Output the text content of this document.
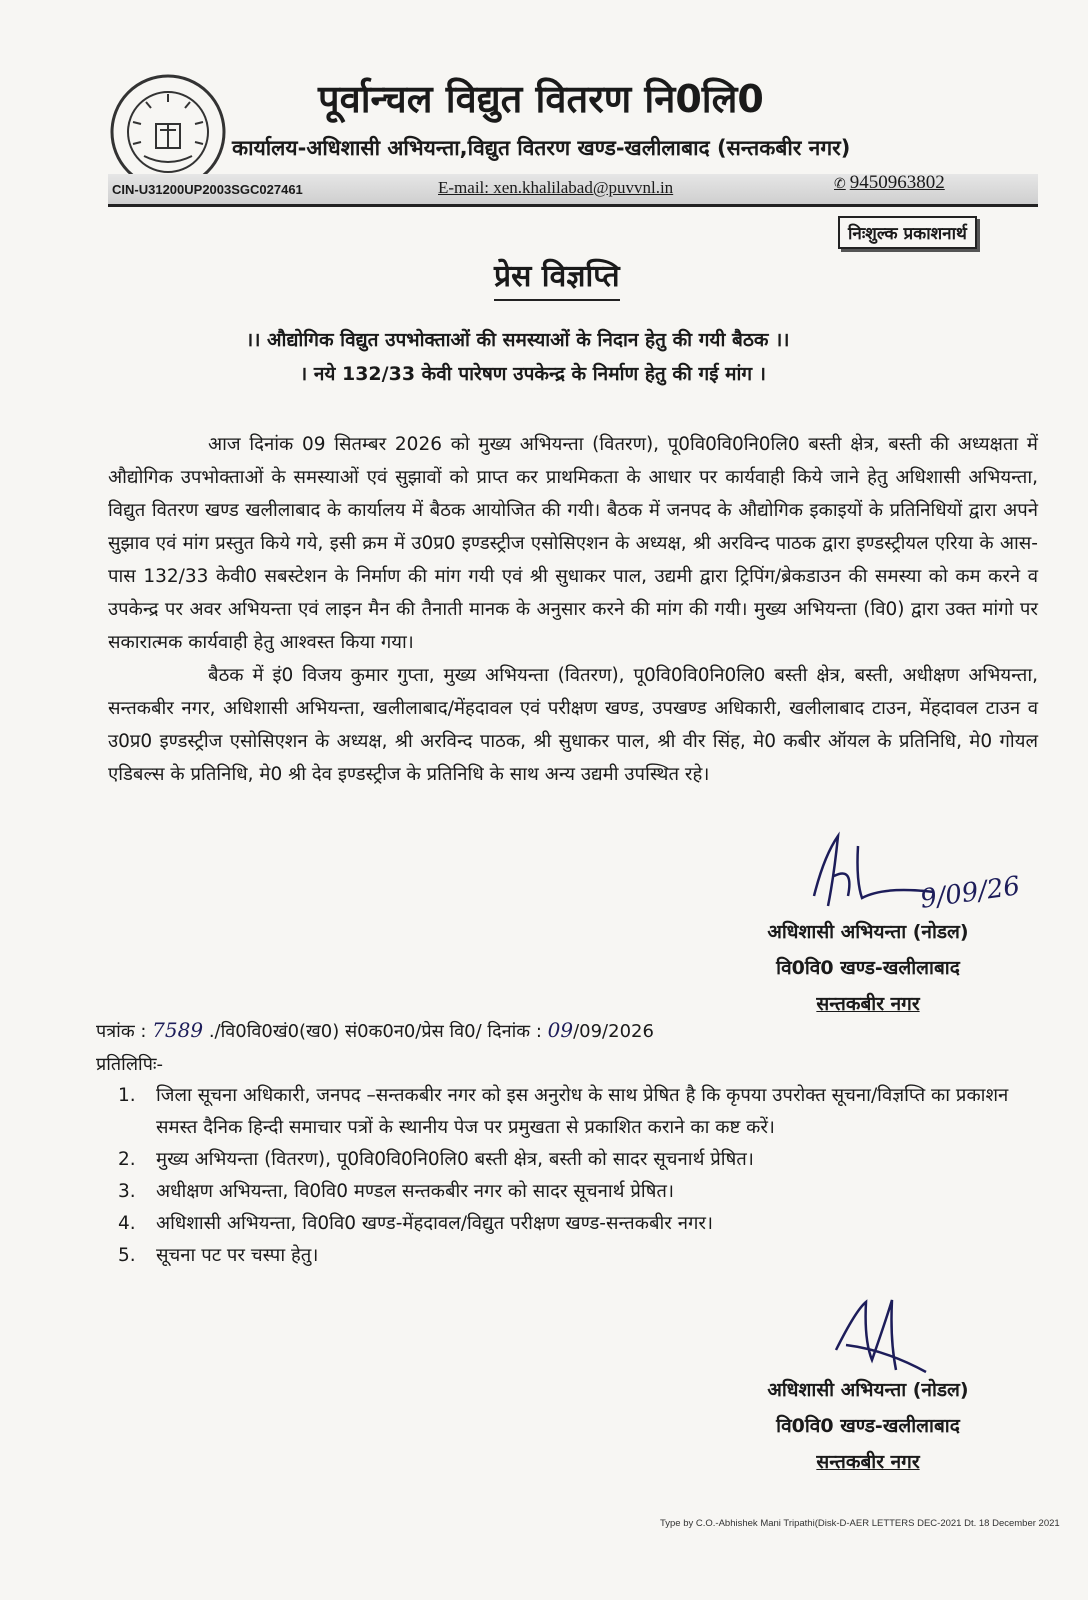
पूर्वान्चल विद्युत वितरण नि0लि0
कार्यालय-अधिशासी अभियन्ता,विद्युत वितरण खण्ड-खलीलाबाद (सन्तकबीर नगर)
CIN-U31200UP2003SGC027461	E-mail: xen.khalilabad@puvvnl.in	✆ 9450963802
निःशुल्क प्रकाशनार्थ
प्रेस विज्ञप्ति
।। औद्योगिक विद्युत उपभोक्ताओं की समस्याओं के निदान हेतु की गयी बैठक ।।
। नये 132/33 केवी पारेषण उपकेन्द्र के निर्माण हेतु की गई मांग ।

आज दिनांक 09 सितम्बर 2026 को मुख्य अभियन्ता (वितरण), पू0वि0वि0नि0लि0 बस्ती क्षेत्र, बस्ती की अध्यक्षता में औद्योगिक उपभोक्ताओं के समस्याओं एवं सुझावों को प्राप्त कर प्राथमिकता के आधार पर कार्यवाही किये जाने हेतु अधिशासी अभियन्ता, विद्युत वितरण खण्ड खलीलाबाद के कार्यालय में बैठक आयोजित की गयी। बैठक में जनपद के औद्योगिक इकाइयों के प्रतिनिधियों द्वारा अपने सुझाव एवं मांग प्रस्तुत किये गये, इसी क्रम में उ0प्र0 इण्डस्ट्रीज एसोसिएशन के अध्यक्ष, श्री अरविन्द पाठक द्वारा इण्डस्ट्रीयल एरिया के आस-पास 132/33 केवी0 सबस्टेशन के निर्माण की मांग गयी एवं श्री सुधाकर पाल, उद्यमी द्वारा ट्रिपिंग/ब्रेकडाउन की समस्या को कम करने व उपकेन्द्र पर अवर अभियन्ता एवं लाइन मैन की तैनाती मानक के अनुसार करने की मांग की गयी। मुख्य अभियन्ता (वि0) द्वारा उक्त मांगो पर सकारात्मक कार्यवाही हेतु आश्वस्त किया गया।

बैठक में इं0 विजय कुमार गुप्ता, मुख्य अभियन्ता (वितरण), पू0वि0वि0नि0लि0 बस्ती क्षेत्र, बस्ती, अधीक्षण अभियन्ता, सन्तकबीर नगर, अधिशासी अभियन्ता, खलीलाबाद/मेंहदावल एवं परीक्षण खण्ड, उपखण्ड अधिकारी, खलीलाबाद टाउन, मेंहदावल टाउन व उ0प्र0 इण्डस्ट्रीज एसोसिएशन के अध्यक्ष, श्री अरविन्द पाठक, श्री सुधाकर पाल, श्री वीर सिंह, मे0 कबीर ऑयल के प्रतिनिधि, मे0 गोयल एडिबल्स के प्रतिनिधि, मे0 श्री देव इण्डस्ट्रीज के प्रतिनिधि के साथ अन्य उद्यमी उपस्थित रहे।

9/09/26
अधिशासी अभियन्ता (नोडल)
वि0वि0 खण्ड-खलीलाबाद
सन्तकबीर नगर
पत्रांक : 7589 ./वि0वि0खं0(ख0) सं0क0न0/प्रेस वि0/ दिनांक : 09/09/2026
प्रतिलिपिः-
1.	जिला सूचना अधिकारी, जनपद –सन्तकबीर नगर को इस अनुरोध के साथ प्रेषित है कि कृपया उपरोक्त सूचना/विज्ञप्ति का प्रकाशन समस्त दैनिक हिन्दी समाचार पत्रों के स्थानीय पेज पर प्रमुखता से प्रकाशित कराने का कष्ट करें।
2.	मुख्य अभियन्ता (वितरण), पू0वि0वि0नि0लि0 बस्ती क्षेत्र, बस्ती को सादर सूचनार्थ प्रेषित।
3.	अधीक्षण अभियन्ता, वि0वि0 मण्डल सन्तकबीर नगर को सादर सूचनार्थ प्रेषित।
4.	अधिशासी अभियन्ता, वि0वि0 खण्ड-मेंहदावल/विद्युत परीक्षण खण्ड-सन्तकबीर नगर।
5.	सूचना पट पर चस्पा हेतु।
अधिशासी अभियन्ता (नोडल)
वि0वि0 खण्ड-खलीलाबाद
सन्तकबीर नगर
Type by C.O.-Abhishek Mani Tripathi(Disk-D-AER LETTERS DEC-2021 Dt. 18 December 2021
